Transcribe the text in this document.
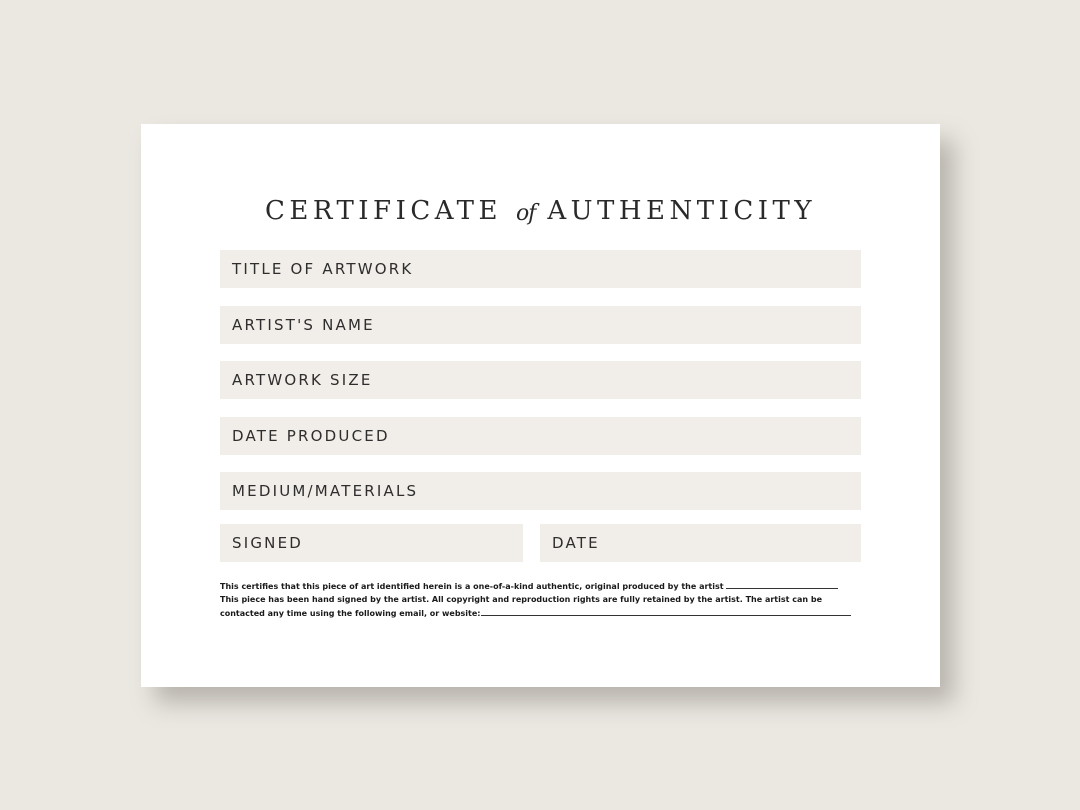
CERTIFICATE of AUTHENTICITY
TITLE OF ARTWORK
ARTIST'S NAME
ARTWORK SIZE
DATE PRODUCED
MEDIUM/MATERIALS
SIGNED	DATE
This certifies that this piece of art identified herein is a one-of-a-kind authentic, original produced by the artist
This piece has been hand signed by the artist. All copyright and reproduction rights are fully retained by the artist. The artist can be
contacted any time using the following email, or website:
